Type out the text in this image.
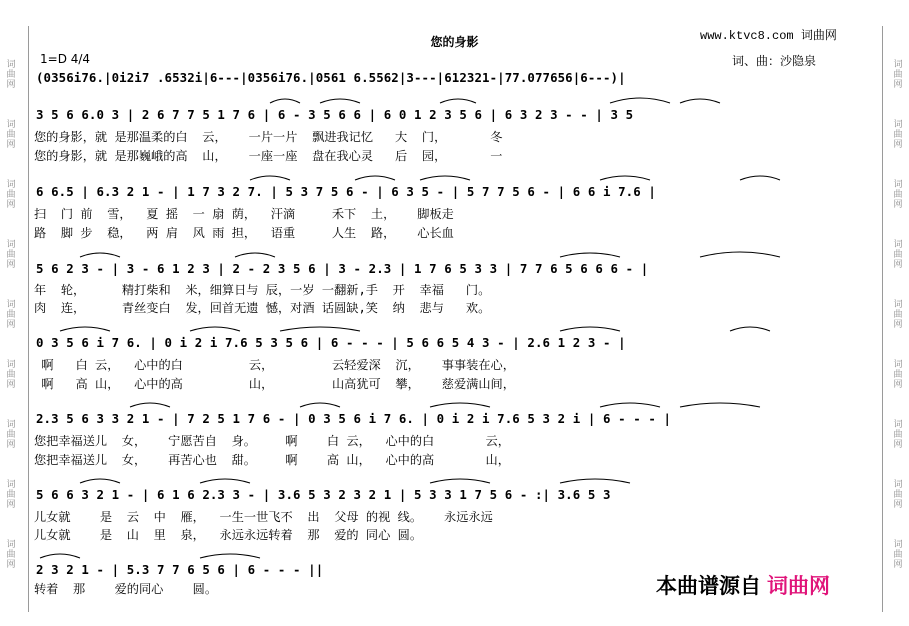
词
曲
网
词
曲
网
词
曲
网
词
曲
网
词
曲
网
词
曲
网
词
曲
网
词
曲
网
词
曲
网
词
曲
网
词
曲
网
词
曲
网
词
曲
网
词
曲
网
词
曲
网
词
曲
网
词
曲
网
词
曲
网
您的身影	www.ktvc8.com 词曲网
1=D 4/4	词、曲：沙隐泉
(0356i76.|0i2i7 .6532i|6---|0356i76.|0561 6.5562|3---|612321-|77.077656|6---)|
3 5 6 6.0 3 | 2 6 7 7 5 1 7 6 | 6 - 3 5 6 6 | 6 0 1 2 3 5 6 | 6 3 2 3 - - | 3 5
您的身影，就 是那温柔的白  云，   一片一片  飘进我记忆   大  门，      冬
您的身影，就 是那巍峨的高  山，   一座一座  盘在我心灵   后  园，      一
6 6.5 | 6.3 2 1 - | 1 7 3 2 7. | 5 3 7 5 6 - | 6 3 5 - | 5 7 7 5 6 - | 6 6 i 7.6 |
扫  门 前  雪，  夏 摇  一 扇 荫，  汗滴     禾下  土，   脚板走
路  脚 步  稳，  两 肩  风 雨 担，  语重     人生  路，   心长血
5 6 2 3 - | 3 - 6 1 2 3 | 2 - 2 3 5 6 | 3 - 2.3 | 1 7 6 5 3 3 | 7 7 6 5 6 6 6 - |
年  轮，     精打柴和  米，细算日与 辰，一岁 一翻新,手  开  幸福   门。
肉  连，     青丝变白  发，回首无遗 憾，对酒 话圆缺,笑  纳  悲与   欢。
0 3 5 6 i 7 6. | 0 i 2 i 7.6 5 3 5 6 | 6 - - - | 5 6 6 5 4 3 - | 2.6 1 2 3 - |
啊   白 云，  心中的白         云，        云轻爱深  沉，   事事装在心，
啊   高 山，  心中的高         山，        山高犹可  攀，   慈爱满山间，
2.3 5 6 3 3 2 1 - | 7 2 5 1 7 6 - | 0 3 5 6 i 7 6. | 0 i 2 i 7.6 5 3 2 i | 6 - - - |
您把幸福送儿  女，   宁愿苦自  身。    啊    白 云，  心中的白       云，
您把幸福送儿  女，   再苦心也  甜。    啊    高 山，  心中的高       山，
5 6 6 3 2 1 - | 6 1 6 2.3 3 - | 3.6 5 3 2 3 2 1 | 5 3 3 1 7 5 6 - :| 3.6 5 3
儿女就    是  云  中  雁，  一生一世飞不  出  父母 的视 线。   永远永远
儿女就    是  山  里  泉，  永远永远转着  那  爱的 同心 圆。
2 3 2 1 - | 5.3 7 7 6 5 6 | 6 - - - ||
转着  那    爱的同心    圆。	本曲谱源自 词曲网
